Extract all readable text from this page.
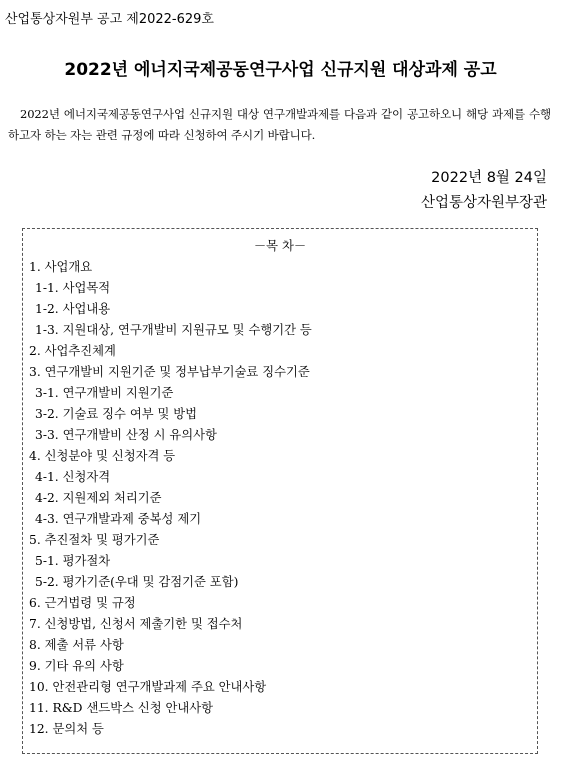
산업통상자원부 공고 제2022-629호
2022년 에너지국제공동연구사업 신규지원 대상과제 공고
2022년 에너지국제공동연구사업 신규지원 대상 연구개발과제를 다음과 같이 공고하오니 해당 과제를 수행하고자 하는 자는 관련 규정에 따라 신청하여 주시기 바랍니다.
2022년 8월 24일
산업통상자원부장관
－목 차－
1. 사업개요
1-1. 사업목적
1-2. 사업내용
1-3. 지원대상, 연구개발비 지원규모 및 수행기간 등
2. 사업추진체계
3. 연구개발비 지원기준 및 정부납부기술료 징수기준
3-1. 연구개발비 지원기준
3-2. 기술료 징수 여부 및 방법
3-3. 연구개발비 산정 시 유의사항
4. 신청분야 및 신청자격 등
4-1. 신청자격
4-2. 지원제외 처리기준
4-3. 연구개발과제 중복성 제기
5. 추진절차 및 평가기준
5-1. 평가절차
5-2. 평가기준(우대 및 감점기준 포함)
6. 근거법령 및 규정
7. 신청방법, 신청서 제출기한 및 접수처
8. 제출 서류 사항
9. 기타 유의 사항
10. 안전관리형 연구개발과제 주요 안내사항
11. R&D 샌드박스 신청 안내사항
12. 문의처 등
